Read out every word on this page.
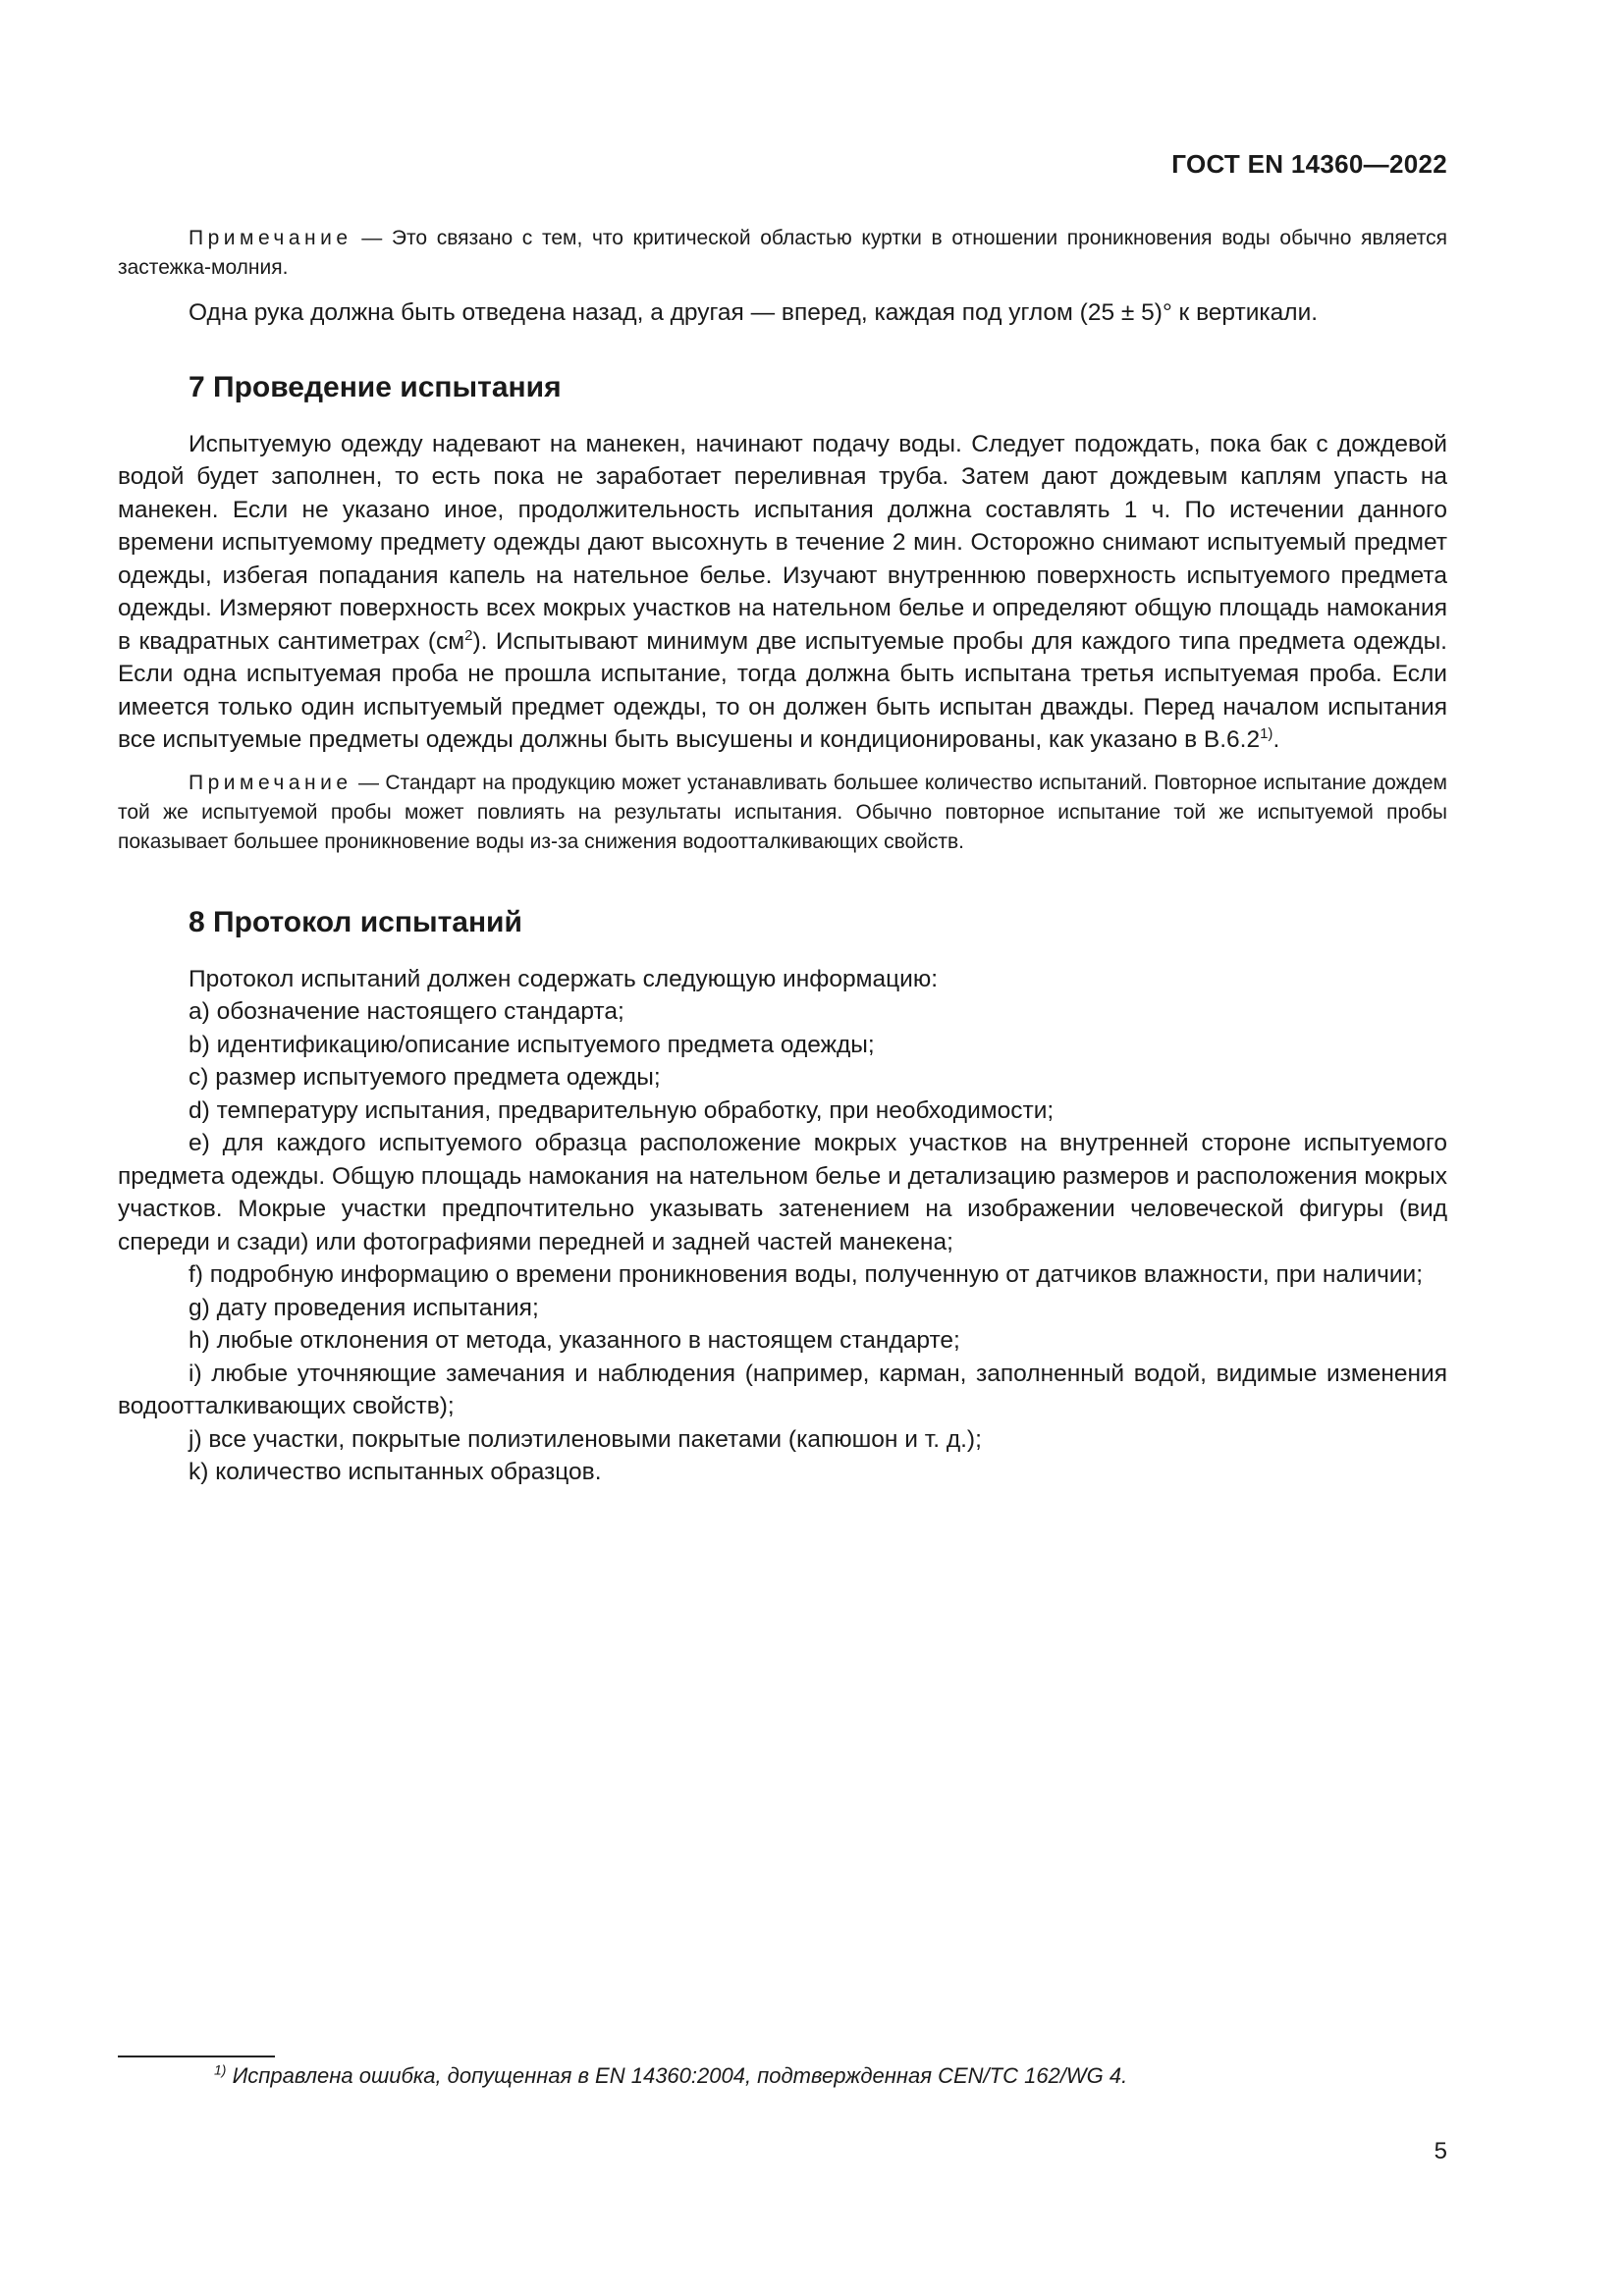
ГОСТ EN 14360—2022

Примечание — Это связано с тем, что критической областью куртки в отношении проникновения воды обычно является застежка-молния.

Одна рука должна быть отведена назад, а другая — вперед, каждая под углом (25 ± 5)° к вертикали.

7 Проведение испытания

Испытуемую одежду надевают на манекен, начинают подачу воды. Следует подождать, пока бак с дождевой водой будет заполнен, то есть пока не заработает переливная труба. Затем дают дождевым каплям упасть на манекен. Если не указано иное, продолжительность испытания должна составлять 1 ч. По истечении данного времени испытуемому предмету одежды дают высохнуть в течение 2 мин. Осторожно снимают испытуемый предмет одежды, избегая попадания капель на нательное белье. Изучают внутреннюю поверхность испытуемого предмета одежды. Измеряют поверхность всех мокрых участков на нательном белье и определяют общую площадь намокания в квадратных сантиметрах $(см^2)$. Испытывают минимум две испытуемые пробы для каждого типа предмета одежды. Если одна испытуемая проба не прошла испытание, тогда должна быть испытана третья испытуемая проба. Если имеется только один испытуемый предмет одежды, то он должен быть испытан дважды. Перед началом испытания все испытуемые предметы одежды должны быть высушены и кондиционированы, как указано в В.6.2$^{1)}$.

Примечание — Стандарт на продукцию может устанавливать большее количество испытаний. Повторное испытание дождем той же испытуемой пробы может повлиять на результаты испытания. Обычно повторное испытание той же испытуемой пробы показывает большее проникновение воды из-за снижения водоотталкивающих свойств.

8 Протокол испытаний

Протокол испытаний должен содержать следующую информацию:

a) обозначение настоящего стандарта;

b) идентификацию/описание испытуемого предмета одежды;

c) размер испытуемого предмета одежды;

d) температуру испытания, предварительную обработку, при необходимости;

e) для каждого испытуемого образца расположение мокрых участков на внутренней стороне испытуемого предмета одежды. Общую площадь намокания на нательном белье и детализацию размеров и расположения мокрых участков. Мокрые участки предпочтительно указывать затенением на изображении человеческой фигуры (вид спереди и сзади) или фотографиями передней и задней частей манекена;

f) подробную информацию о времени проникновения воды, полученную от датчиков влажности, при наличии;

g) дату проведения испытания;

h) любые отклонения от метода, указанного в настоящем стандарте;

i) любые уточняющие замечания и наблюдения (например, карман, заполненный водой, видимые изменения водоотталкивающих свойств);

j) все участки, покрытые полиэтиленовыми пакетами (капюшон и т. д.);

k) количество испытанных образцов.

$^{1)}$ Исправлена ошибка, допущенная в EN 14360:2004, подтвержденная CEN/TC 162/WG 4.
5
